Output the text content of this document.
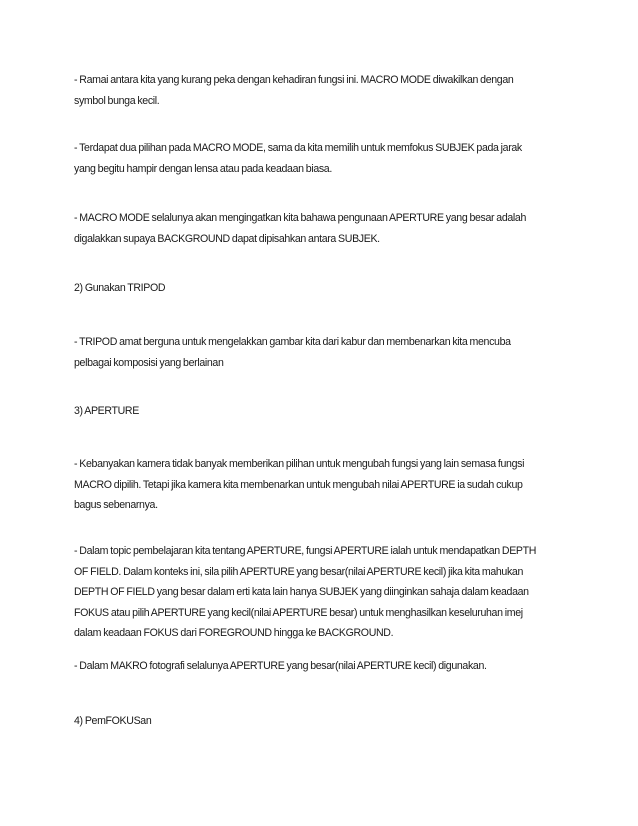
- Ramai antara kita yang kurang peka dengan kehadiran fungsi ini. MACRO MODE diwakilkan dengan
symbol bunga kecil.

- Terdapat dua pilihan pada MACRO MODE, sama da kita memilih untuk memfokus SUBJEK pada jarak
yang begitu hampir dengan lensa atau pada keadaan biasa.

- MACRO MODE selalunya akan mengingatkan kita bahawa pengunaan APERTURE yang besar adalah
digalakkan supaya BACKGROUND dapat dipisahkan antara SUBJEK.

2) Gunakan TRIPOD

- TRIPOD amat berguna untuk mengelakkan gambar kita dari kabur dan membenarkan kita mencuba
pelbagai komposisi yang berlainan

3) APERTURE

- Kebanyakan kamera tidak banyak memberikan pilihan untuk mengubah fungsi yang lain semasa fungsi
MACRO dipilih. Tetapi jika kamera kita membenarkan untuk mengubah nilai APERTURE ia sudah cukup
bagus sebenarnya.

- Dalam topic pembelajaran kita tentang APERTURE, fungsi APERTURE ialah untuk mendapatkan DEPTH
OF FIELD. Dalam konteks ini, sila pilih APERTURE yang besar(nilai APERTURE kecil) jika kita mahukan
DEPTH OF FIELD yang besar dalam erti kata lain hanya SUBJEK yang diinginkan sahaja dalam keadaan
FOKUS atau pilih APERTURE yang kecil(nilai APERTURE besar) untuk menghasilkan keseluruhan imej
dalam keadaan FOKUS dari FOREGROUND hingga ke BACKGROUND.

- Dalam MAKRO fotografi selalunya APERTURE yang besar(nilai APERTURE kecil) digunakan.

4) PemFOKUSan
